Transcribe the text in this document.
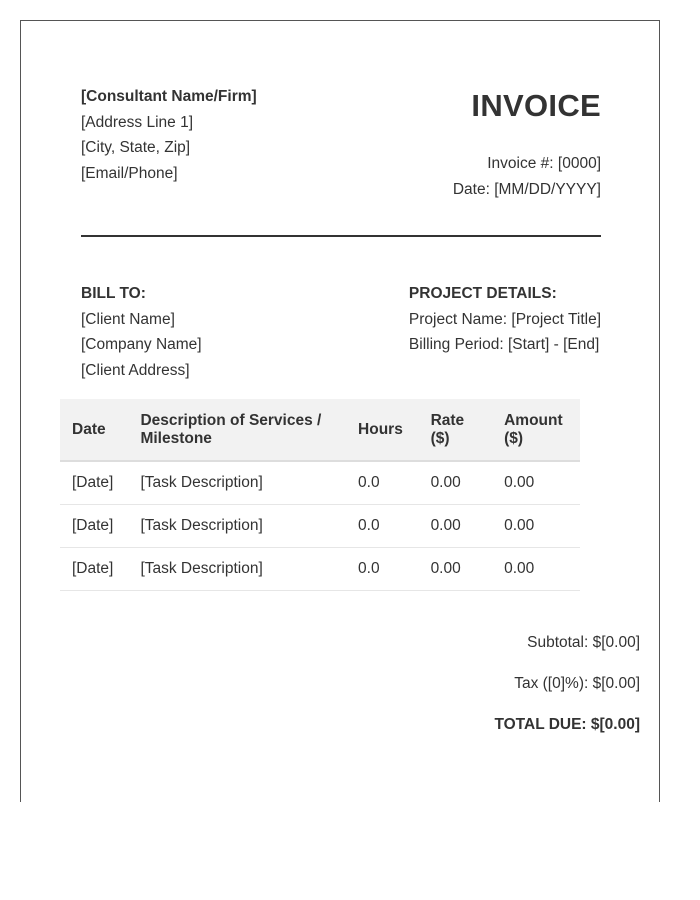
[Consultant Name/Firm]
[Address Line 1]
[City, State, Zip]
[Email/Phone]
INVOICE
Invoice #: [0000]
Date: [MM/DD/YYYY]
BILL TO:
[Client Name]
[Company Name]
[Client Address]
PROJECT DETAILS:
Project Name: [Project Title]
Billing Period: [Start] - [End]
Date	Description of Services / Milestone	Hours	Rate ($)	Amount ($)
[Date]	[Task Description]	0.0	0.00	0.00
[Date]	[Task Description]	0.0	0.00	0.00
[Date]	[Task Description]	0.0	0.00	0.00
Subtotal: $[0.00]
Tax ([0]%): $[0.00]
TOTAL DUE: $[0.00]
